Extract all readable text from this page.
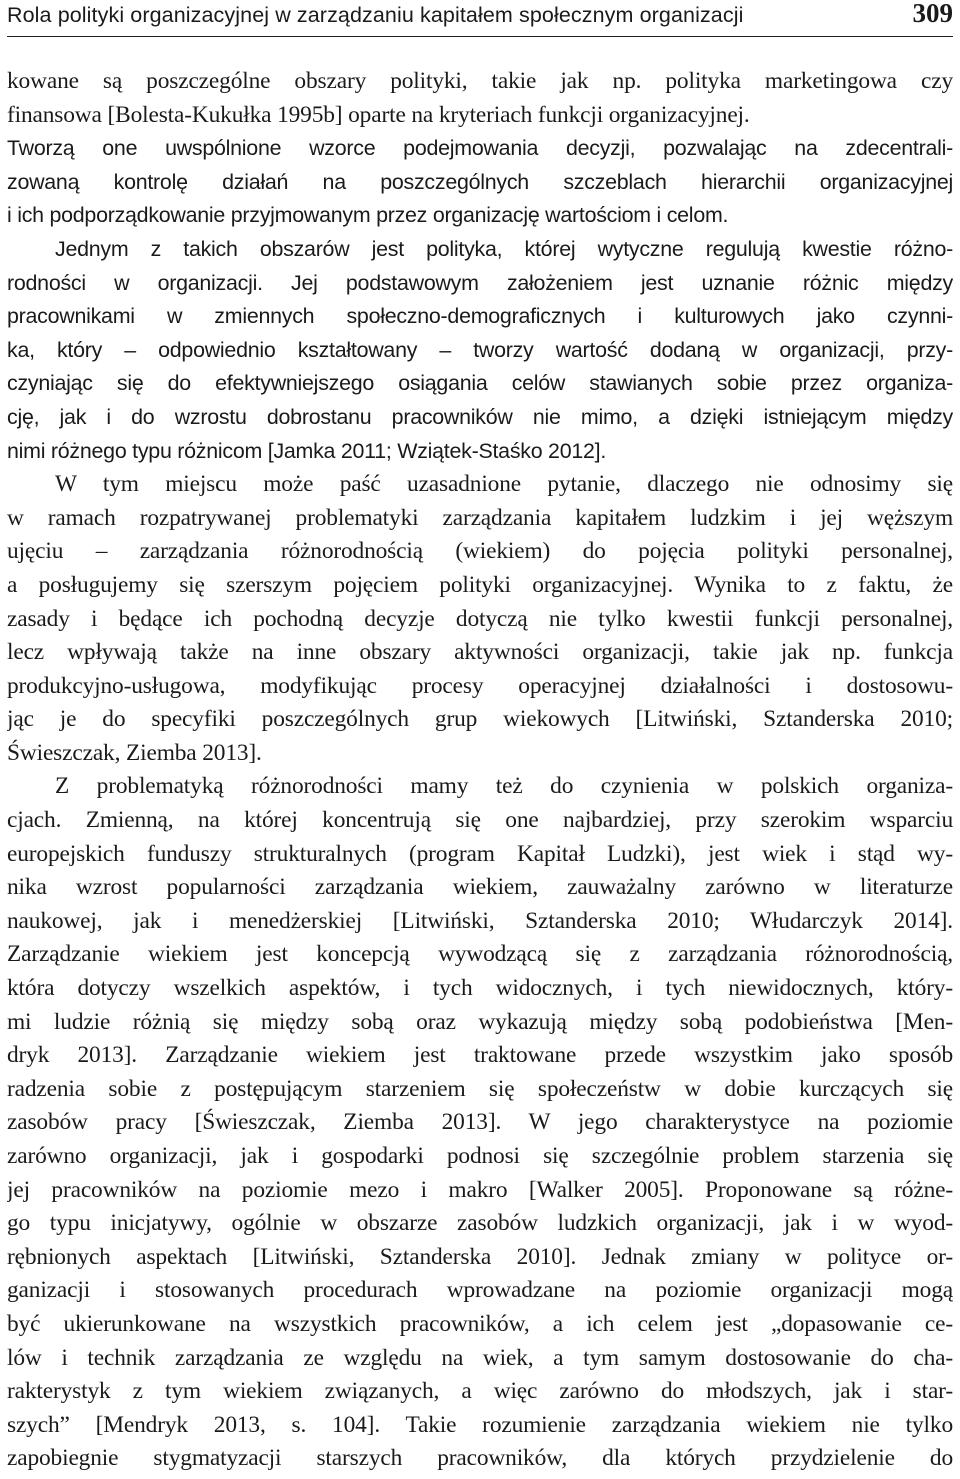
Rola polityki organizacyjnej w zarządzaniu kapitałem społecznym organizacji	309
kowane są poszczególne obszary polityki, takie jak np. polityka marketingowa czy
finansowa [Bolesta-Kukułka 1995b] oparte na kryteriach funkcji organizacyjnej.
Tworzą one uwspólnione wzorce podejmowania decyzji, pozwalając na zdecentrali-
zowaną kontrolę działań na poszczególnych szczeblach hierarchii organizacyjnej
i ich podporządkowanie przyjmowanym przez organizację wartościom i celom.
Jednym z takich obszarów jest polityka, której wytyczne regulują kwestie różno-
rodności w organizacji. Jej podstawowym założeniem jest uznanie różnic między
pracownikami w zmiennych społeczno-demograficznych i kulturowych jako czynni-
ka, który – odpowiednio kształtowany – tworzy wartość dodaną w organizacji, przy-
czyniając się do efektywniejszego osiągania celów stawianych sobie przez organiza-
cję, jak i do wzrostu dobrostanu pracowników nie mimo, a dzięki istniejącym między
nimi różnego typu różnicom [Jamka 2011; Wziątek-Staśko 2012].
W tym miejscu może paść uzasadnione pytanie, dlaczego nie odnosimy się
w ramach rozpatrywanej problematyki zarządzania kapitałem ludzkim i jej węższym
ujęciu – zarządzania różnorodnością (wiekiem) do pojęcia polityki personalnej,
a posługujemy się szerszym pojęciem polityki organizacyjnej. Wynika to z faktu, że
zasady i będące ich pochodną decyzje dotyczą nie tylko kwestii funkcji personalnej,
lecz wpływają także na inne obszary aktywności organizacji, takie jak np. funkcja
produkcyjno-usługowa, modyfikując procesy operacyjnej działalności i dostosowu-
jąc je do specyfiki poszczególnych grup wiekowych [Litwiński, Sztanderska 2010;
Świeszczak, Ziemba 2013].
Z problematyką różnorodności mamy też do czynienia w polskich organiza-
cjach. Zmienną, na której koncentrują się one najbardziej, przy szerokim wsparciu
europejskich funduszy strukturalnych (program Kapitał Ludzki), jest wiek i stąd wy-
nika wzrost popularności zarządzania wiekiem, zauważalny zarówno w literaturze
naukowej, jak i menedżerskiej [Litwiński, Sztanderska 2010; Włudarczyk 2014].
Zarządzanie wiekiem jest koncepcją wywodzącą się z zarządzania różnorodnością,
która dotyczy wszelkich aspektów, i tych widocznych, i tych niewidocznych, który-
mi ludzie różnią się między sobą oraz wykazują między sobą podobieństwa [Men-
dryk 2013]. Zarządzanie wiekiem jest traktowane przede wszystkim jako sposób
radzenia sobie z postępującym starzeniem się społeczeństw w dobie kurczących się
zasobów pracy [Świeszczak, Ziemba 2013]. W jego charakterystyce na poziomie
zarówno organizacji, jak i gospodarki podnosi się szczególnie problem starzenia się
jej pracowników na poziomie mezo i makro [Walker 2005]. Proponowane są różne-
go typu inicjatywy, ogólnie w obszarze zasobów ludzkich organizacji, jak i w wyod-
rębnionych aspektach [Litwiński, Sztanderska 2010]. Jednak zmiany w polityce or-
ganizacji i stosowanych procedurach wprowadzane na poziomie organizacji mogą
być ukierunkowane na wszystkich pracowników, a ich celem jest „dopasowanie ce-
lów i technik zarządzania ze względu na wiek, a tym samym dostosowanie do cha-
rakterystyk z tym wiekiem związanych, a więc zarówno do młodszych, jak i star-
szych” [Mendryk 2013, s. 104]. Takie rozumienie zarządzania wiekiem nie tylko
zapobiegnie stygmatyzacji starszych pracowników, dla których przydzielenie do
